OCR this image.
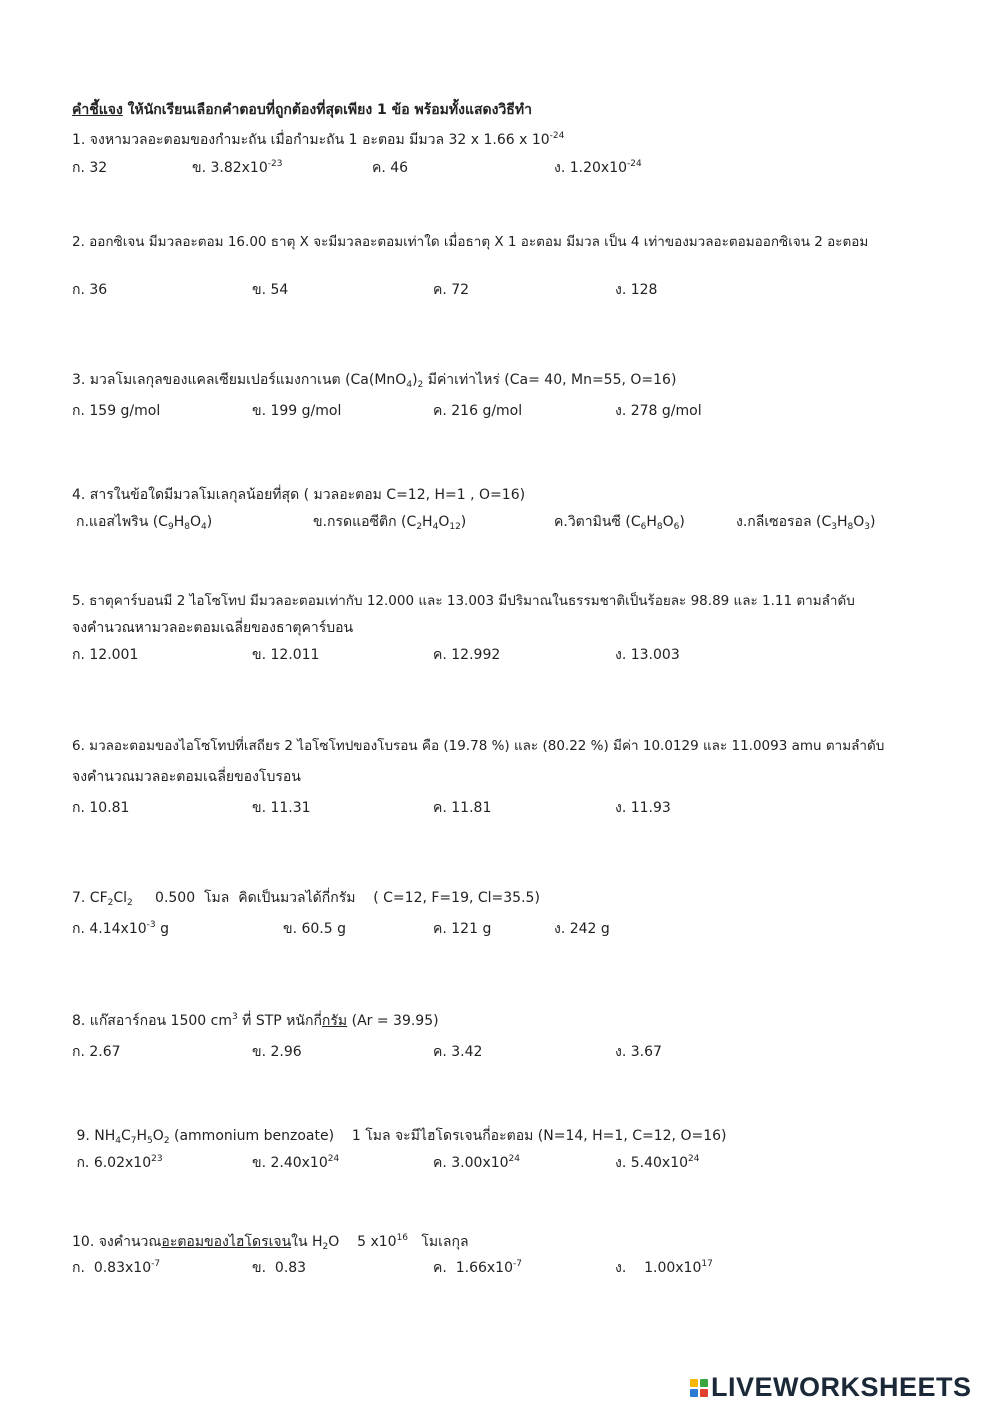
คำชี้แจง ให้นักเรียนเลือกคำตอบที่ถูกต้องที่สุดเพียง 1 ข้อ พร้อมทั้งแสดงวิธีทำ
1. จงหามวลอะตอมของกำมะถัน เมื่อกำมะถัน 1 อะตอม มีมวล 32 x 1.66 x $10^{-24}$
ก. 32	ข. $3.82x10^{-23}$	ค. 46	ง. $1.20x10^{-24}$
2. ออกซิเจน มีมวลอะตอม 16.00 ธาตุ X จะมีมวลอะตอมเท่าใด เมื่อธาตุ X 1 อะตอม มีมวล เป็น 4 เท่าของมวลอะตอมออกซิเจน 2 อะตอม
ก. 36	ข. 54	ค. 72	ง. 128
3. มวลโมเลกุลของแคลเซียมเปอร์แมงกาเนต ($Ca(MnO_4)_2$ มีค่าเท่าไหร่ (Ca= 40, Mn=55, O=16)
ก. 159 g/mol	ข. 199 g/mol	ค. 216 g/mol	ง. 278 g/mol
4. สารในข้อใดมีมวลโมเลกุลน้อยที่สุด ( มวลอะตอม C=12, H=1 , O=16)
ก.แอสไพริน $(C_9H_8O_4)$	ข.กรดแอซีติก $(C_2H_4O_{12})$	ค.วิตามินซี $(C_6H_8O_6)$	ง.กลีเซอรอล $(C_3H_8O_3)$
5. ธาตุคาร์บอนมี 2 ไอโซโทป มีมวลอะตอมเท่ากับ 12.000 และ 13.003 มีปริมาณในธรรมชาติเป็นร้อยละ 98.89 และ 1.11 ตามลำดับ
จงคำนวณหามวลอะตอมเฉลี่ยของธาตุคาร์บอน
ก. 12.001	ข. 12.011	ค. 12.992	ง. 13.003
6. มวลอะตอมของไอโซโทปที่เสถียร 2 ไอโซโทปของโบรอน คือ (19.78 %) และ (80.22 %) มีค่า 10.0129 และ 11.0093 amu ตามลำดับ
จงคำนวณมวลอะตอมเฉลี่ยของโบรอน
ก. 10.81	ข. 11.31	ค. 11.81	ง. 11.93
7. $CF_2Cl_2$     0.500  โมล  คิดเป็นมวลได้กี่กรัม    ( C=12, F=19, Cl=35.5)
ก. $4.14x10^{-3}$ g	ข. 60.5 g	ค. 121 g	ง. 242 g
8. แก๊สอาร์กอน 1500 $cm^3$ ที่ STP หนักกี่กรัม (Ar = 39.95)
ก. 2.67	ข. 2.96	ค. 3.42	ง. 3.67
9. $NH_4C_7H_5O_2$ (ammonium benzoate)    1 โมล จะมีไฮโดรเจนกี่อะตอม (N=14, H=1, C=12, O=16)
ก. $6.02x10^{23}$	ข. $2.40x10^{24}$	ค. $3.00x10^{24}$	ง. $5.40x10^{24}$
10. จงคำนวณอะตอมของไฮโดรเจนใน $H_2O$    5 $x10^{16}$   โมเลกุล
ก.  $0.83x10^{-7}$	ข.  0.83	ค.  $1.66x10^{-7}$	ง.    $1.00x10^{17}$
LIVEWORKSHEETS
